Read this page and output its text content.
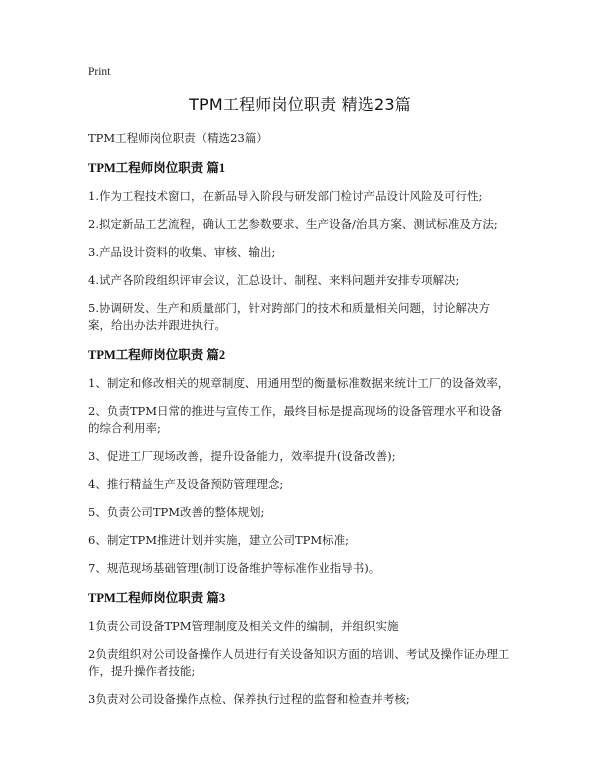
Print
TPM工程师岗位职责 精选23篇
TPM工程师岗位职责（精选23篇）
TPM工程师岗位职责 篇1
1.作为工程技术窗口，在新品导入阶段与研发部门检讨产品设计风险及可行性;
2.拟定新品工艺流程，确认工艺参数要求、生产设备/治具方案、测试标准及方法;
3.产品设计资料的收集、审核、输出;
4.试产各阶段组织评审会议，汇总设计、制程、来料问题并安排专项解决;
5.协调研发、生产和质量部门，针对跨部门的技术和质量相关问题，讨论解决方案，给出办法并跟进执行。
TPM工程师岗位职责 篇2
1、制定和修改相关的规章制度、用通用型的衡量标准数据来统计工厂的设备效率，
2、负责TPM日常的推进与宣传工作，最终目标是提高现场的设备管理水平和设备的综合利用率;
3、促进工厂现场改善，提升设备能力，效率提升(设备改善);
4、推行精益生产及设备预防管理理念;
5、负责公司TPM改善的整体规划;
6、制定TPM推进计划并实施，建立公司TPM标准;
7、规范现场基础管理(制订设备维护等标准作业指导书)。
TPM工程师岗位职责 篇3
1负责公司设备TPM管理制度及相关文件的编制，并组织实施
2负责组织对公司设备操作人员进行有关设备知识方面的培训、考试及操作证办理工作，提升操作者技能;
3负责对公司设备操作点检、保养执行过程的监督和检查并考核;
